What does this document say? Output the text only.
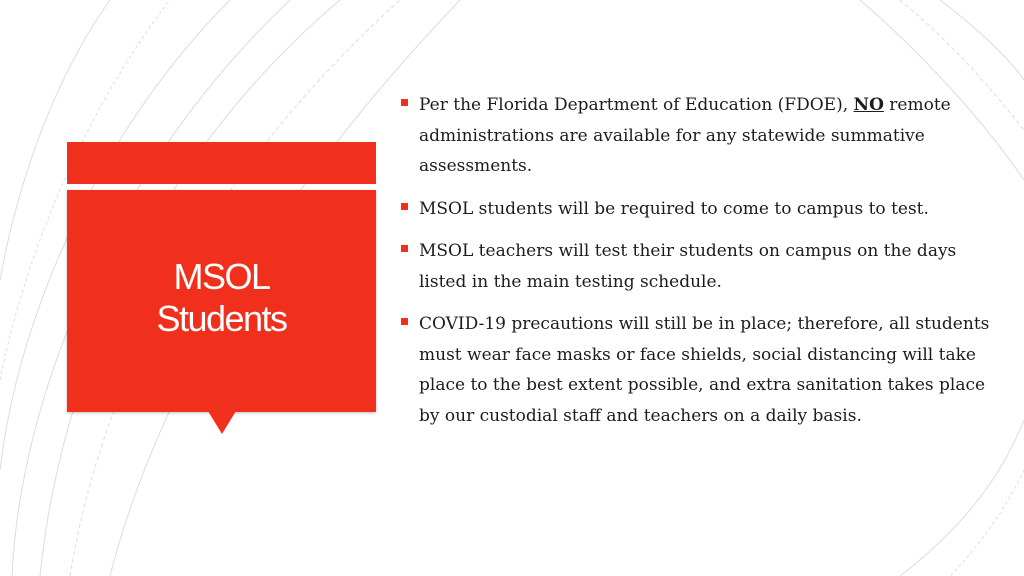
MSOL
Students
Per the Florida Department of Education (FDOE), NO remote administrations are available for any statewide summative assessments.
MSOL students will be required to come to campus to test.
MSOL teachers will test their students on campus on the days listed in the main testing schedule.
COVID-19 precautions will still be in place; therefore, all students must wear face masks or face shields, social distancing will take place to the best extent possible, and extra sanitation takes place by our custodial staff and teachers on a daily basis.
